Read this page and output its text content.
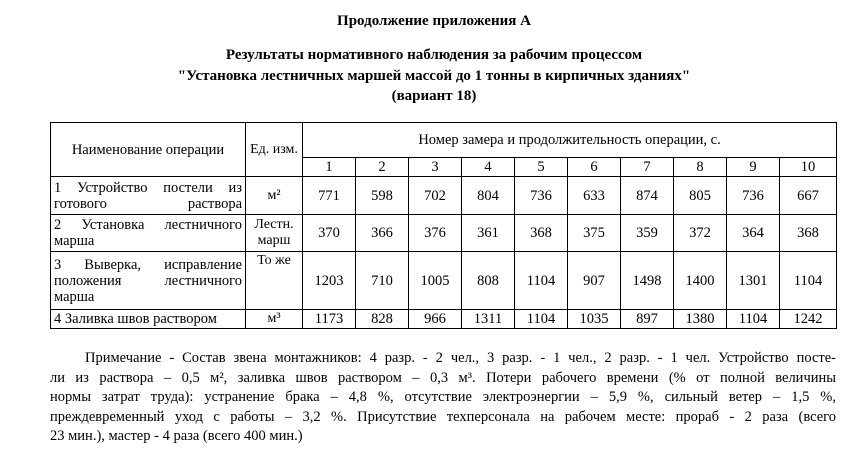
Продолжение приложения А
Результаты нормативного наблюдения за рабочим процессом
"Установка лестничных маршей массой до 1 тонны в кирпичных зданиях"
(вариант 18)
Наименование операции	Ед. изм.	Номер замера и продолжительность операции, с.									
		1	2	3	4	5	6	7	8	9	10
1 Устройство постели из готового раствора	м²	771	598	702	804	736	633	874	805	736	667
2 Установка лестничного марша	Лестн. марш	370	366	376	361	368	375	359	372	364	368
3 Выверка, исправление положения лестничного марша	То же	1203	710	1005	808	1104	907	1498	1400	1301	1104
4 Заливка швов раствором	м³	1173	828	966	1311	1104	1035	897	1380	1104	1242
Примечание - Состав звена монтажников: 4 разр. - 2 чел., 3 разр. - 1 чел., 2 разр. - 1 чел. Устройство посте-
ли из раствора – 0,5 м², заливка швов раствором – 0,3 м³. Потери рабочего времени (% от полной величины
нормы затрат труда): устранение брака – 4,8 %, отсутствие электроэнергии – 5,9 %, сильный ветер – 1,5 %,
преждевременный уход с работы – 3,2 %. Присутствие техперсонала на рабочем месте: прораб - 2 раза (всего
23 мин.), мастер - 4 раза (всего 400 мин.)
